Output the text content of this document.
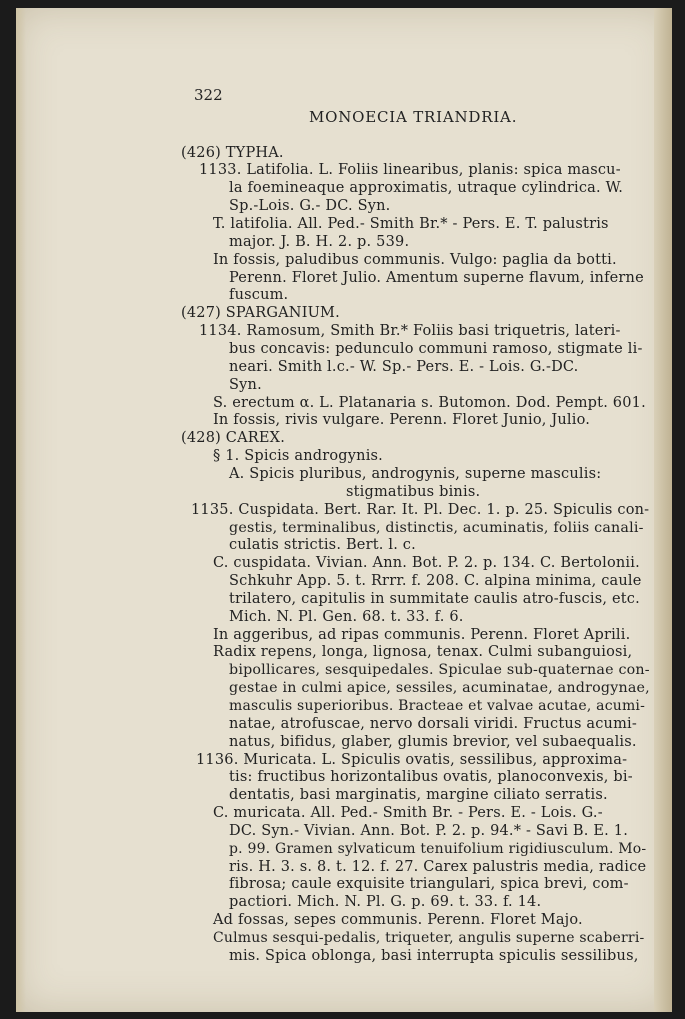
322
MONOECIA TRIANDRIA.
(426) TYPHA.
1133. Latifolia. L. Foliis linearibus, planis: spica mascu-
la foemineaque approximatis, utraque cylindrica. W.
Sp.-Lois. G.- DC. Syn.
T. latifolia. All. Ped.- Smith Br.* - Pers. E. T. palustris
major. J. B. H. 2. p. 539.
In fossis, paludibus communis. Vulgo: paglia da botti.
Perenn. Floret Julio. Amentum superne flavum, inferne
fuscum.
(427) SPARGANIUM.
1134. Ramosum, Smith Br.* Foliis basi triquetris, lateri-
bus concavis: pedunculo communi ramoso, stigmate li-
neari. Smith l.c.- W. Sp.- Pers. E. - Lois. G.-DC.
Syn.
S. erectum α. L. Platanaria s. Butomon. Dod. Pempt. 601.
In fossis, rivis vulgare. Perenn. Floret Junio, Julio.
(428) CAREX.
§ 1. Spicis androgynis.
A. Spicis pluribus, androgynis, superne masculis:
stigmatibus binis.
1135. Cuspidata. Bert. Rar. It. Pl. Dec. 1. p. 25. Spiculis con-
gestis, terminalibus, distinctis, acuminatis, foliis canali-
culatis strictis. Bert. l. c.
C. cuspidata. Vivian. Ann. Bot. P. 2. p. 134. C. Bertolonii.
Schkuhr App. 5. t. Rrrr. f. 208. C. alpina minima, caule
trilatero, capitulis in summitate caulis atro-fuscis, etc.
Mich. N. Pl. Gen. 68. t. 33. f. 6.
In aggeribus, ad ripas communis. Perenn. Floret Aprili.
Radix repens, longa, lignosa, tenax. Culmi subanguiosi,
bipollicares, sesquipedales. Spiculae sub-quaternae con-
gestae in culmi apice, sessiles, acuminatae, androgynae,
masculis superioribus. Bracteae et valvae acutae, acumi-
natae, atrofuscae, nervo dorsali viridi. Fructus acumi-
natus, bifidus, glaber, glumis brevior, vel subaequalis.
1136. Muricata. L. Spiculis ovatis, sessilibus, approxima-
tis: fructibus horizontalibus ovatis, planoconvexis, bi-
dentatis, basi marginatis, margine ciliato serratis.
C. muricata. All. Ped.- Smith Br. - Pers. E. - Lois. G.-
DC. Syn.- Vivian. Ann. Bot. P. 2. p. 94.* - Savi B. E. 1.
p. 99. Gramen sylvaticum tenuifolium rigidiusculum. Mo-
ris. H. 3. s. 8. t. 12. f. 27. Carex palustris media, radice
fibrosa; caule exquisite triangulari, spica brevi, com-
pactiori. Mich. N. Pl. G. p. 69. t. 33. f. 14.
Ad fossas, sepes communis. Perenn. Floret Majo.
Culmus sesqui-pedalis, triqueter, angulis superne scaberri-
mis. Spica oblonga, basi interrupta spiculis sessilibus,
